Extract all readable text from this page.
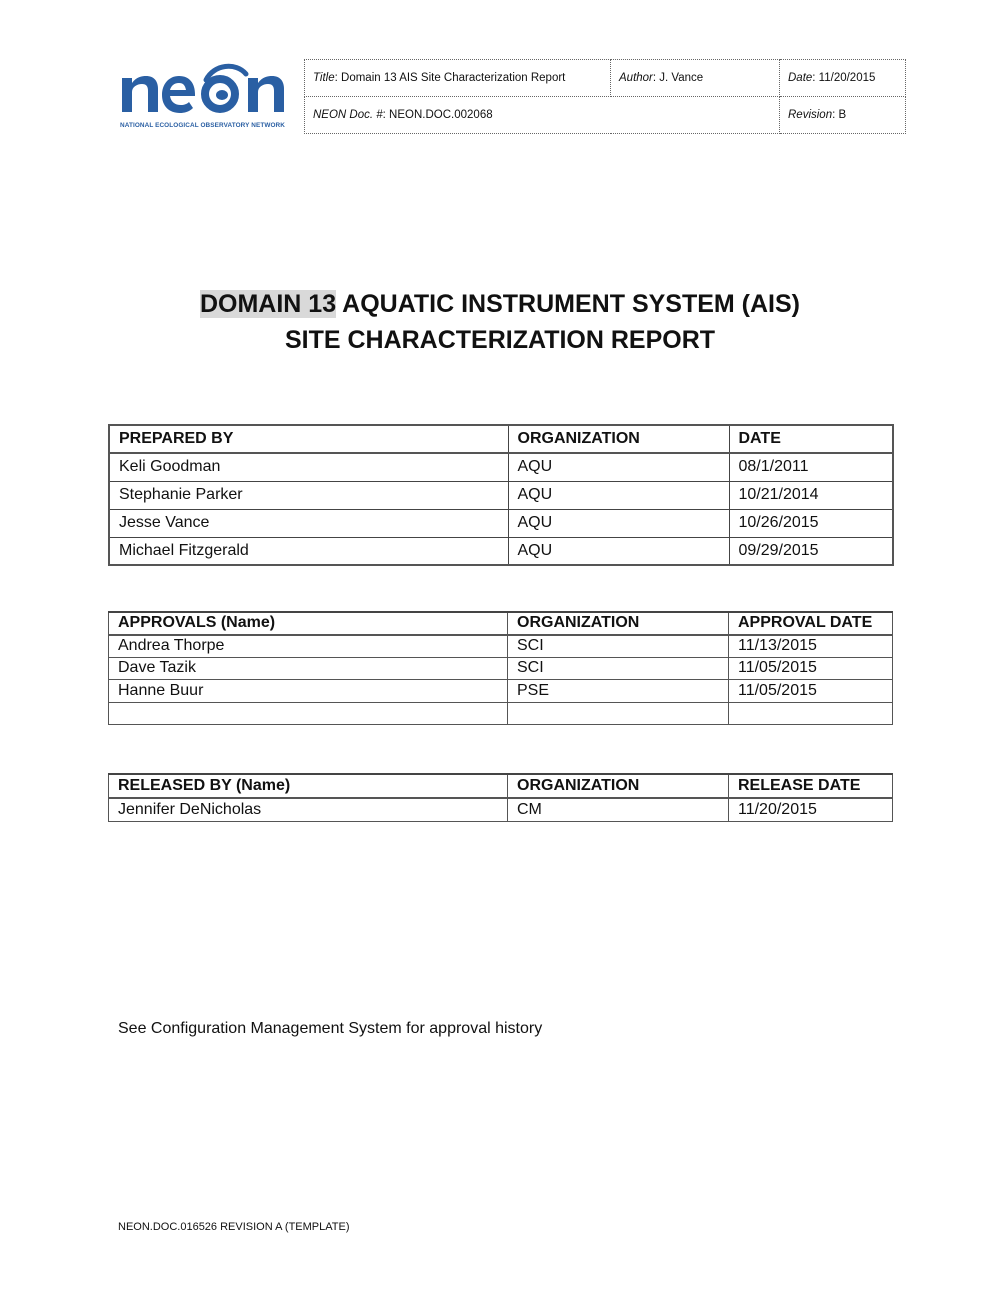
NATIONAL ECOLOGICAL OBSERVATORY NETWORK
Title: Domain 13 AIS Site Characterization Report	Author: J. Vance	Date: 11/20/2015
NEON Doc. #: NEON.DOC.002068		Revision: B
DOMAIN 13 AQUATIC INSTRUMENT SYSTEM (AIS)
SITE CHARACTERIZATION REPORT
PREPARED BY	ORGANIZATION	DATE
Keli Goodman	AQU	08/1/2011
Stephanie Parker	AQU	10/21/2014
Jesse Vance	AQU	10/26/2015
Michael Fitzgerald	AQU	09/29/2015
APPROVALS (Name)	ORGANIZATION	APPROVAL DATE
Andrea Thorpe	SCI	11/13/2015
Dave Tazik	SCI	11/05/2015
Hanne Buur	PSE	11/05/2015

RELEASED BY (Name)	ORGANIZATION	RELEASE DATE
Jennifer DeNicholas	CM	11/20/2015
See Configuration Management System for approval history
NEON.DOC.016526 REVISION A (TEMPLATE)
